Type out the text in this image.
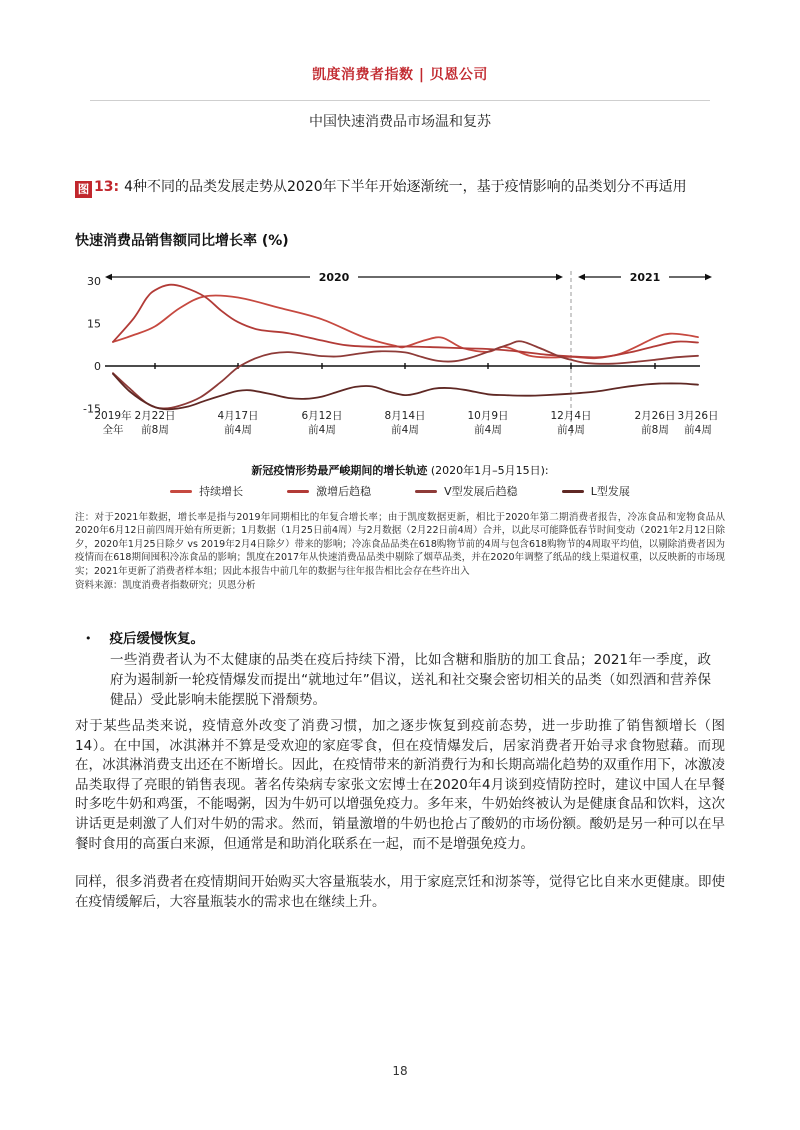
凯度消费者指数 | 贝恩公司
中国快速消费品市场温和复苏
图 13: 4种不同的品类发展走势从2020年下半年开始逐渐统一，基于疫情影响的品类划分不再适用
快速消费品销售额同比增长率 (%)
30
15
0
-15
2020	2021
2019年
全年
2月22日
前8周
4月17日
前4周
6月12日
前4周
8月14日
前4周
10月9日
前4周
12月4日
前4周
2月26日
前8周
3月26日
前4周
新冠疫情形势最严峻期间的增长轨迹 (2020年1月–5月15日):
持续增长	激增后趋稳	V型发展后趋稳	L型发展
注：对于2021年数据，增长率是指与2019年同期相比的年复合增长率；由于凯度数据更新，相比于2020年第二期消费者报告，冷冻食品和宠物食品从2020年6月12日前四周开始有所更新；1月数据（1月25日前4周）与2月数据（2月22日前4周）合并，以此尽可能降低春节时间变动（2021年2月12日除夕，2020年1月25日除夕 vs 2019年2月4日除夕）带来的影响；冷冻食品品类在618购物节前的4周与包含618购物节的4周取平均值，以剔除消费者因为疫情而在618期间囤积冷冻食品的影响；凯度在2017年从快速消费品品类中剔除了烟草品类，并在2020年调整了纸品的线上渠道权重，以反映新的市场现实；2021年更新了消费者样本组；因此本报告中前几年的数据与往年报告相比会存在些许出入
资料来源：凯度消费者指数研究；贝恩分析
• 疫后缓慢恢复。
一些消费者认为不太健康的品类在疫后持续下滑，比如含糖和脂肪的加工食品；2021年一季度，政府为遏制新一轮疫情爆发而提出“就地过年”倡议，送礼和社交聚会密切相关的品类（如烈酒和营养保健品）受此影响未能摆脱下滑颓势。
对于某些品类来说，疫情意外改变了消费习惯，加之逐步恢复到疫前态势，进一步助推了销售额增长（图14）。在中国，冰淇淋并不算是受欢迎的家庭零食，但在疫情爆发后，居家消费者开始寻求食物慰藉。而现在，冰淇淋消费支出还在不断增长。因此，在疫情带来的新消费行为和长期高端化趋势的双重作用下，冰激凌品类取得了亮眼的销售表现。著名传染病专家张文宏博士在2020年4月谈到疫情防控时，建议中国人在早餐时多吃牛奶和鸡蛋，不能喝粥，因为牛奶可以增强免疫力。多年来，牛奶始终被认为是健康食品和饮料，这次讲话更是刺激了人们对牛奶的需求。然而，销量激增的牛奶也抢占了酸奶的市场份额。酸奶是另一种可以在早餐时食用的高蛋白来源，但通常是和助消化联系在一起，而不是增强免疫力。
同样，很多消费者在疫情期间开始购买大容量瓶装水，用于家庭烹饪和沏茶等，觉得它比自来水更健康。即使在疫情缓解后，大容量瓶装水的需求也在继续上升。
18
